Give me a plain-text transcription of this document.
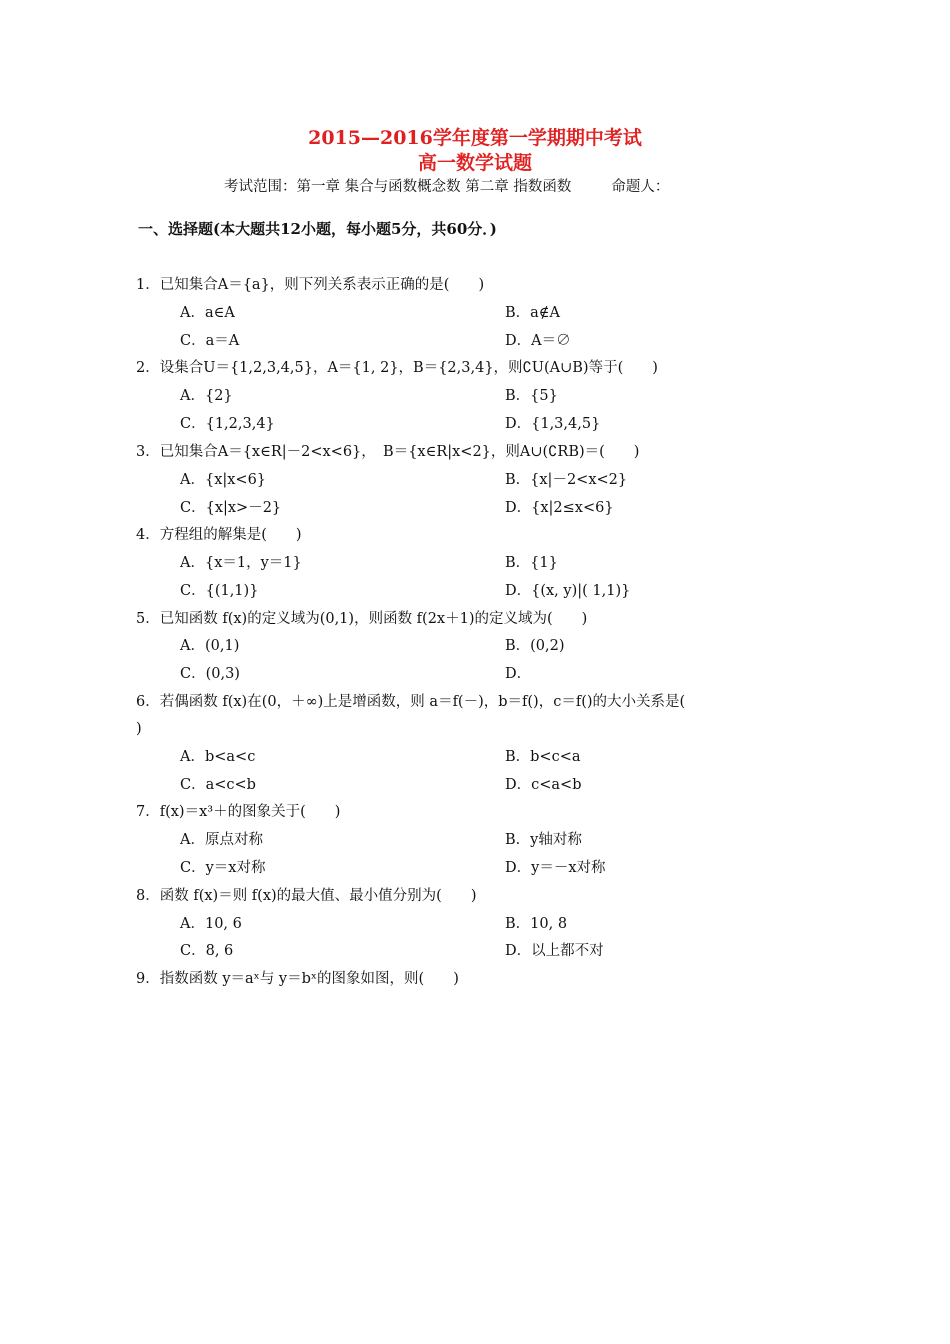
2015—2016学年度第一学期期中考试
高一数学试题
考试范围：第一章 集合与函数概念数 第二章 指数函数	命题人：
一、选择题(本大题共12小题，每小题5分，共60分．)
1．已知集合A＝{a}，则下列关系表示正确的是(　　)
A．a∈A	B．a∉A
C．a＝A	D．A＝∅
2．设集合U＝{1,2,3,4,5}，A＝{1, 2}，B＝{2,3,4}，则∁U(A∪B)等于(　　)
A．{2}	B．{5}
C．{1,2,3,4}	D．{1,3,4,5}
3．已知集合A＝{x∈R|－2<x<6}，　B＝{x∈R|x<2}，则A∪(∁RB)＝(　　)
A．{x|x<6}	B．{x|－2<x<2}
C．{x|x>－2}	D．{x|2≤x<6}
4．方程组的解集是(　　)
A．{x＝1，y＝1}	B．{1}
C．{(1,1)}	D．{(x, y)|( 1,1)}
5．已知函数 f(x)的定义域为(0,1)，则函数 f(2x＋1)的定义域为(　　)
A．(0,1)	B．(0,2)
C．(0,3)	D．
6．若偶函数 f(x)在(0，＋∞)上是增函数，则 a＝f(－)，b＝f()，c＝f()的大小关系是(
)
A．b<a<c	B．b<c<a
C．a<c<b	D．c<a<b
7．f(x)＝x³＋的图象关于(　　)
A．原点对称	B．y轴对称
C．y＝x对称	D．y＝－x对称
8．函数 f(x)＝则 f(x)的最大值、最小值分别为(　　)
A．10, 6	B．10, 8
C．8, 6	D．以上都不对
9．指数函数 y＝aˣ与 y＝bˣ的图象如图，则(　　)
